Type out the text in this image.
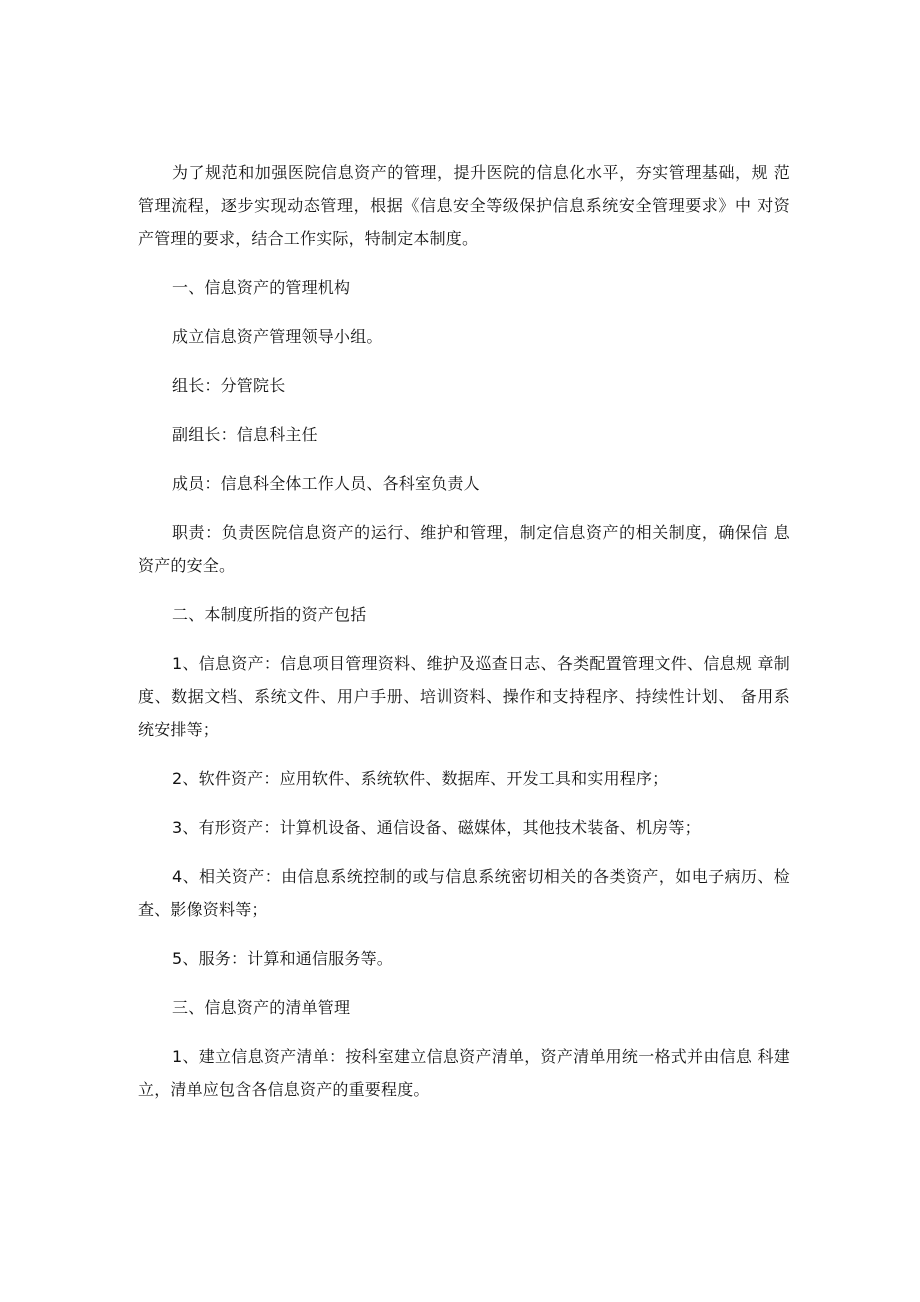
为了规范和加强医院信息资产的管理，提升医院的信息化水平，夯实管理基础，规 范管理流程，逐步实现动态管理，根据《信息安全等级保护信息系统安全管理要求》中 对资产管理的要求，结合工作实际，特制定本制度。

一、信息资产的管理机构

成立信息资产管理领导小组。

组长：分管院长

副组长：信息科主任

成员：信息科全体工作人员、各科室负责人

职责：负责医院信息资产的运行、维护和管理，制定信息资产的相关制度，确保信 息资产的安全。

二、本制度所指的资产包括

1、信息资产：信息项目管理资料、维护及巡查日志、各类配置管理文件、信息规 章制度、数据文档、系统文件、用户手册、培训资料、操作和支持程序、持续性计划、 备用系统安排等；

2、软件资产：应用软件、系统软件、数据库、开发工具和实用程序；

3、有形资产：计算机设备、通信设备、磁媒体，其他技术装备、机房等；

4、相关资产：由信息系统控制的或与信息系统密切相关的各类资产，如电子病历、检查、影像资料等；

5、服务：计算和通信服务等。

三、信息资产的清单管理

1、建立信息资产清单：按科室建立信息资产清单，资产清单用统一格式并由信息 科建立，清单应包含各信息资产的重要程度。
